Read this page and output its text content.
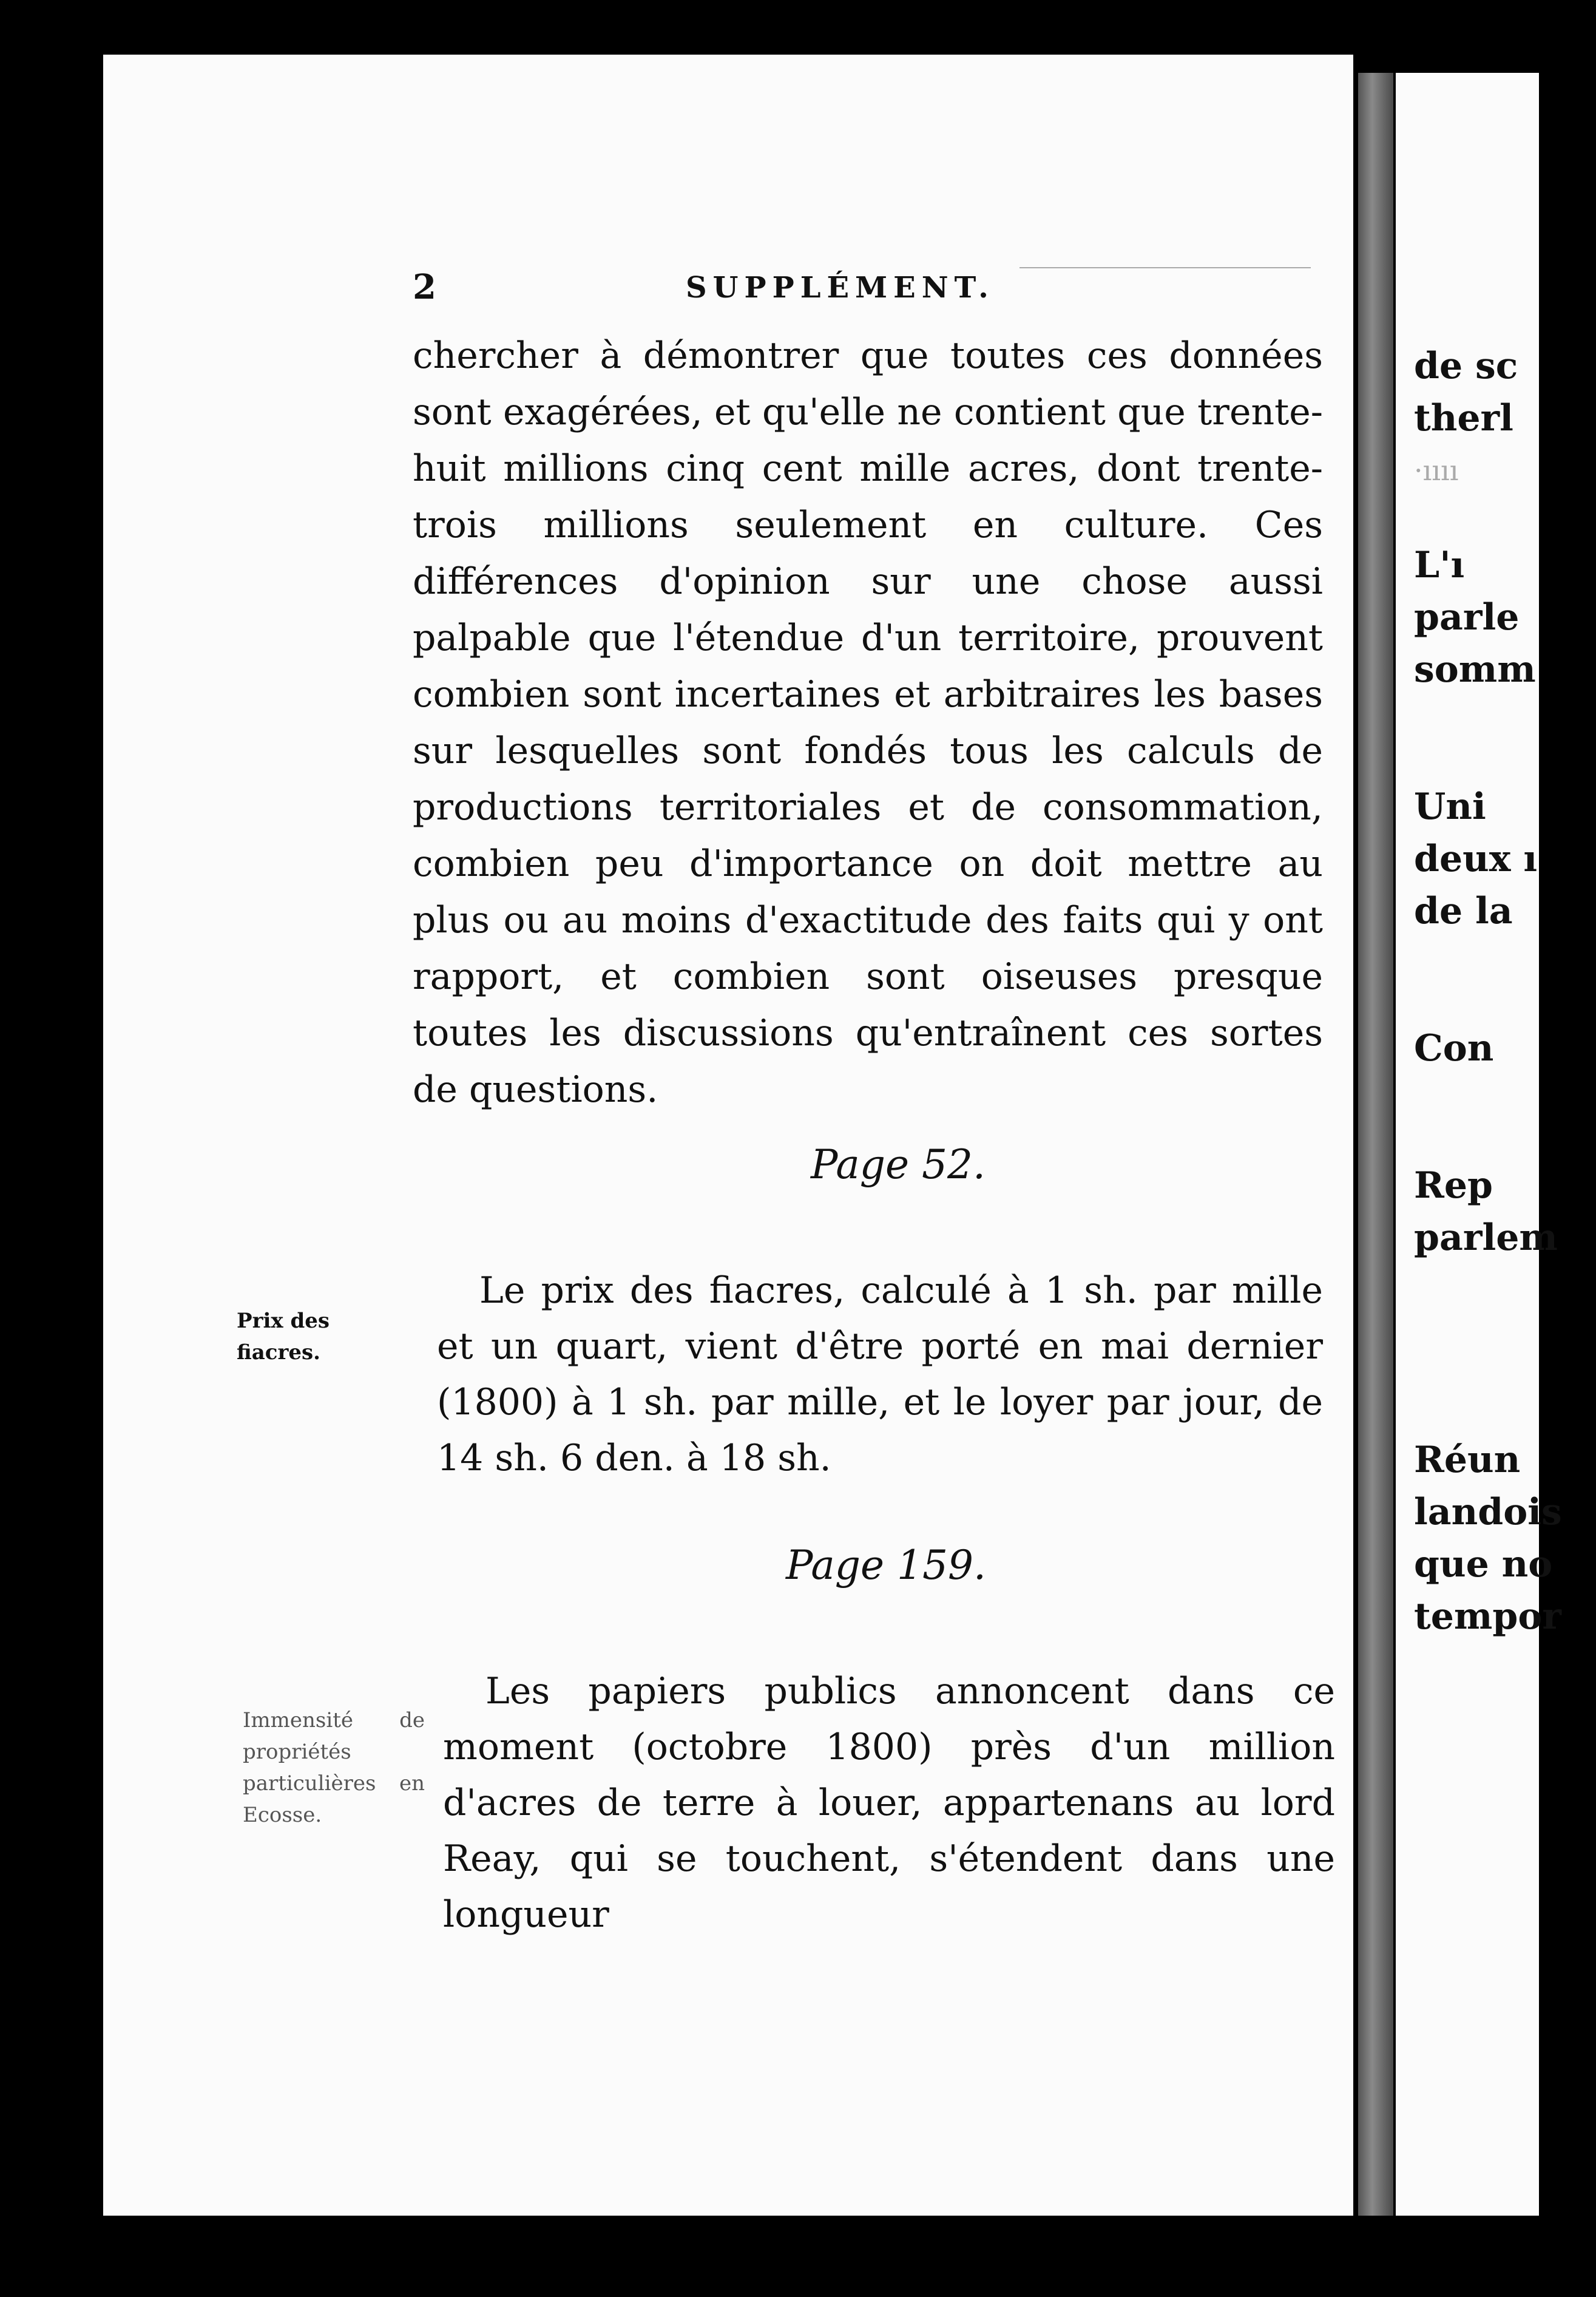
de sc
therl
·ıııı
L'ı
parle
somm
Uni
deux ı
de la
Con
Rep
parlem
Réun
landois
que no
tempor
2	SUPPLÉMENT.
chercher à démontrer que toutes ces données sont exagérées, et qu'elle ne contient que trente-huit millions cinq cent mille acres, dont trente-trois millions seulement en culture. Ces différences d'opinion sur une chose aussi palpable que l'étendue d'un territoire, prouvent combien sont incertaines et arbitraires les bases sur lesquelles sont fondés tous les calculs de productions territoriales et de consommation, combien peu d'importance on doit mettre au plus ou au moins d'exactitude des faits qui y ont rapport, et combien sont oiseuses presque toutes les discussions qu'entraînent ces sortes de questions.
Page 52.
Prix des fiacres.
Le prix des fiacres, calculé à 1 sh. par mille et un quart, vient d'être porté en mai dernier (1800) à 1 sh. par mille, et le loyer par jour, de 14 sh. 6 den. à 18 sh.
Page 159.
Immensité de propriétés particulières en Ecosse.
Les papiers publics annoncent dans ce moment (octobre 1800) près d'un million d'acres de terre à louer, appartenans au lord Reay, qui se touchent, s'étendent dans une longueur
